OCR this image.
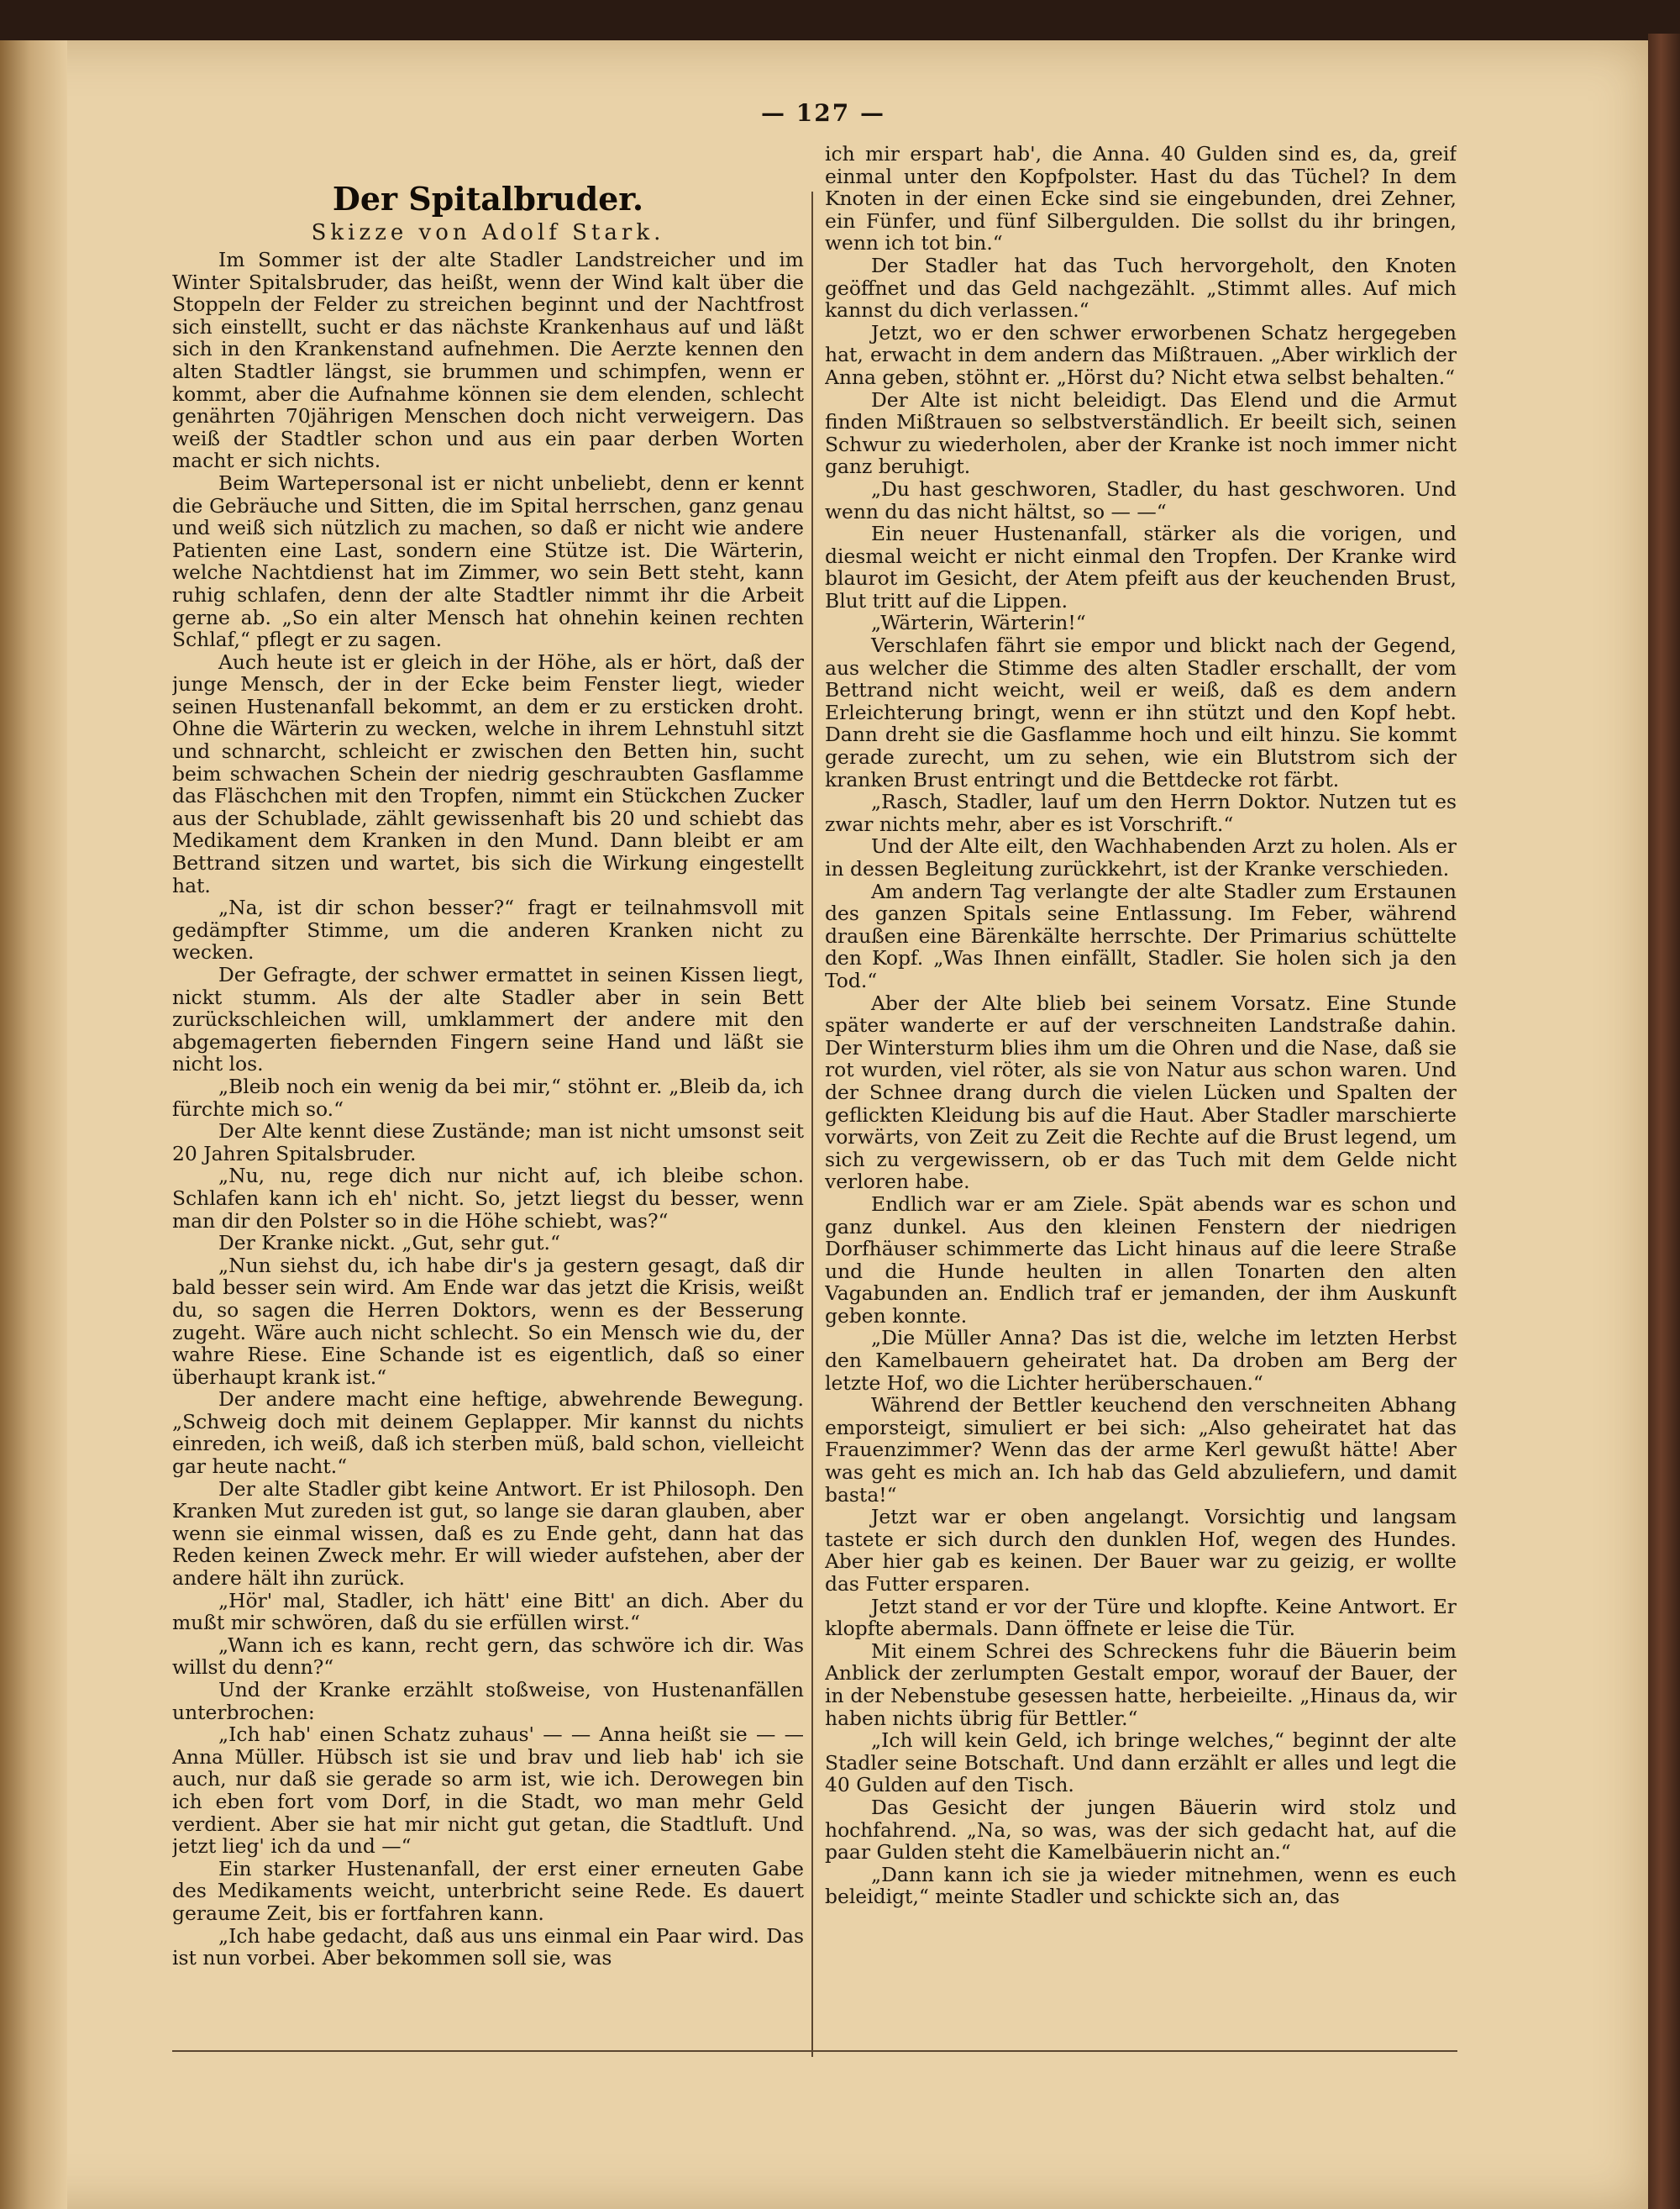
— 127 —
Der Spitalbruder.
Skizze von Adolf Stark.

Im Sommer ist der alte Stadler Landstreicher und im Winter Spitalsbruder, das heißt, wenn der Wind kalt über die Stoppeln der Felder zu streichen beginnt und der Nachtfrost sich einstellt, sucht er das nächste Krankenhaus auf und läßt sich in den Krankenstand aufnehmen. Die Aerzte kennen den alten Stadtler längst, sie brummen und schimpfen, wenn er kommt, aber die Aufnahme können sie dem elenden, schlecht genährten 70jährigen Menschen doch nicht verweigern. Das weiß der Stadtler schon und aus ein paar derben Worten macht er sich nichts.

Beim Wartepersonal ist er nicht unbeliebt, denn er kennt die Gebräuche und Sitten, die im Spital herrschen, ganz genau und weiß sich nützlich zu machen, so daß er nicht wie andere Patienten eine Last, sondern eine Stütze ist. Die Wärterin, welche Nachtdienst hat im Zimmer, wo sein Bett steht, kann ruhig schlafen, denn der alte Stadtler nimmt ihr die Arbeit gerne ab. „So ein alter Mensch hat ohnehin keinen rechten Schlaf,“ pflegt er zu sagen.

Auch heute ist er gleich in der Höhe, als er hört, daß der junge Mensch, der in der Ecke beim Fenster liegt, wieder seinen Hustenanfall bekommt, an dem er zu ersticken droht. Ohne die Wärterin zu wecken, welche in ihrem Lehnstuhl sitzt und schnarcht, schleicht er zwischen den Betten hin, sucht beim schwachen Schein der niedrig geschraubten Gasflamme das Fläschchen mit den Tropfen, nimmt ein Stückchen Zucker aus der Schublade, zählt gewissenhaft bis 20 und schiebt das Medikament dem Kranken in den Mund. Dann bleibt er am Bettrand sitzen und wartet, bis sich die Wirkung eingestellt hat.

„Na, ist dir schon besser?“ fragt er teilnahmsvoll mit gedämpfter Stimme, um die anderen Kranken nicht zu wecken.

Der Gefragte, der schwer ermattet in seinen Kissen liegt, nickt stumm. Als der alte Stadler aber in sein Bett zurückschleichen will, umklammert der andere mit den abgemagerten fiebernden Fingern seine Hand und läßt sie nicht los.

„Bleib noch ein wenig da bei mir,“ stöhnt er. „Bleib da, ich fürchte mich so.“

Der Alte kennt diese Zustände; man ist nicht umsonst seit 20 Jahren Spitalsbruder.

„Nu, nu, rege dich nur nicht auf, ich bleibe schon. Schlafen kann ich eh' nicht. So, jetzt liegst du besser, wenn man dir den Polster so in die Höhe schiebt, was?“

Der Kranke nickt. „Gut, sehr gut.“

„Nun siehst du, ich habe dir's ja gestern gesagt, daß dir bald besser sein wird. Am Ende war das jetzt die Krisis, weißt du, so sagen die Herren Doktors, wenn es der Besserung zugeht. Wäre auch nicht schlecht. So ein Mensch wie du, der wahre Riese. Eine Schande ist es eigentlich, daß so einer überhaupt krank ist.“

Der andere macht eine heftige, abwehrende Bewegung. „Schweig doch mit deinem Geplapper. Mir kannst du nichts einreden, ich weiß, daß ich sterben müß, bald schon, vielleicht gar heute nacht.“

Der alte Stadler gibt keine Antwort. Er ist Philosoph. Den Kranken Mut zureden ist gut, so lange sie daran glauben, aber wenn sie einmal wissen, daß es zu Ende geht, dann hat das Reden keinen Zweck mehr. Er will wieder aufstehen, aber der andere hält ihn zurück.

„Hör' mal, Stadler, ich hätt' eine Bitt' an dich. Aber du mußt mir schwören, daß du sie erfüllen wirst.“

„Wann ich es kann, recht gern, das schwöre ich dir. Was willst du denn?“

Und der Kranke erzählt stoßweise, von Hustenanfällen unterbrochen:

„Ich hab' einen Schatz zuhaus' — — Anna heißt sie — — Anna Müller. Hübsch ist sie und brav und lieb hab' ich sie auch, nur daß sie gerade so arm ist, wie ich. Derowegen bin ich eben fort vom Dorf, in die Stadt, wo man mehr Geld verdient. Aber sie hat mir nicht gut getan, die Stadtluft. Und jetzt lieg' ich da und —“

Ein starker Hustenanfall, der erst einer erneuten Gabe des Medikaments weicht, unterbricht seine Rede. Es dauert geraume Zeit, bis er fortfahren kann.

„Ich habe gedacht, daß aus uns einmal ein Paar wird. Das ist nun vorbei. Aber bekommen soll sie, was

ich mir erspart hab', die Anna. 40 Gulden sind es, da, greif einmal unter den Kopfpolster. Hast du das Tüchel? In dem Knoten in der einen Ecke sind sie eingebunden, drei Zehner, ein Fünfer, und fünf Silbergulden. Die sollst du ihr bringen, wenn ich tot bin.“

Der Stadler hat das Tuch hervorgeholt, den Knoten geöffnet und das Geld nachgezählt. „Stimmt alles. Auf mich kannst du dich verlassen.“

Jetzt, wo er den schwer erworbenen Schatz hergegeben hat, erwacht in dem andern das Mißtrauen. „Aber wirklich der Anna geben, stöhnt er. „Hörst du? Nicht etwa selbst behalten.“

Der Alte ist nicht beleidigt. Das Elend und die Armut finden Mißtrauen so selbstverständlich. Er beeilt sich, seinen Schwur zu wiederholen, aber der Kranke ist noch immer nicht ganz beruhigt.

„Du hast geschworen, Stadler, du hast geschworen. Und wenn du das nicht hältst, so — —“

Ein neuer Hustenanfall, stärker als die vorigen, und diesmal weicht er nicht einmal den Tropfen. Der Kranke wird blaurot im Gesicht, der Atem pfeift aus der keuchenden Brust, Blut tritt auf die Lippen.

„Wärterin, Wärterin!“

Verschlafen fährt sie empor und blickt nach der Gegend, aus welcher die Stimme des alten Stadler erschallt, der vom Bettrand nicht weicht, weil er weiß, daß es dem andern Erleichterung bringt, wenn er ihn stützt und den Kopf hebt. Dann dreht sie die Gasflamme hoch und eilt hinzu. Sie kommt gerade zurecht, um zu sehen, wie ein Blutstrom sich der kranken Brust entringt und die Bettdecke rot färbt.

„Rasch, Stadler, lauf um den Herrn Doktor. Nutzen tut es zwar nichts mehr, aber es ist Vorschrift.“

Und der Alte eilt, den Wachhabenden Arzt zu holen. Als er in dessen Begleitung zurückkehrt, ist der Kranke verschieden.

Am andern Tag verlangte der alte Stadler zum Erstaunen des ganzen Spitals seine Entlassung. Im Feber, während draußen eine Bärenkälte herrschte. Der Primarius schüttelte den Kopf. „Was Ihnen einfällt, Stadler. Sie holen sich ja den Tod.“

Aber der Alte blieb bei seinem Vorsatz. Eine Stunde später wanderte er auf der verschneiten Landstraße dahin. Der Wintersturm blies ihm um die Ohren und die Nase, daß sie rot wurden, viel röter, als sie von Natur aus schon waren. Und der Schnee drang durch die vielen Lücken und Spalten der geflickten Kleidung bis auf die Haut. Aber Stadler marschierte vorwärts, von Zeit zu Zeit die Rechte auf die Brust legend, um sich zu vergewissern, ob er das Tuch mit dem Gelde nicht verloren habe.

Endlich war er am Ziele. Spät abends war es schon und ganz dunkel. Aus den kleinen Fenstern der niedrigen Dorfhäuser schimmerte das Licht hinaus auf die leere Straße und die Hunde heulten in allen Tonarten den alten Vagabunden an. Endlich traf er jemanden, der ihm Auskunft geben konnte.

„Die Müller Anna? Das ist die, welche im letzten Herbst den Kamelbauern geheiratet hat. Da droben am Berg der letzte Hof, wo die Lichter herüberschauen.“

Während der Bettler keuchend den verschneiten Abhang emporsteigt, simuliert er bei sich: „Also geheiratet hat das Frauenzimmer? Wenn das der arme Kerl gewußt hätte! Aber was geht es mich an. Ich hab das Geld abzuliefern, und damit basta!“

Jetzt war er oben angelangt. Vorsichtig und langsam tastete er sich durch den dunklen Hof, wegen des Hundes. Aber hier gab es keinen. Der Bauer war zu geizig, er wollte das Futter ersparen.

Jetzt stand er vor der Türe und klopfte. Keine Antwort. Er klopfte abermals. Dann öffnete er leise die Tür.

Mit einem Schrei des Schreckens fuhr die Bäuerin beim Anblick der zerlumpten Gestalt empor, worauf der Bauer, der in der Nebenstube gesessen hatte, herbeieilte. „Hinaus da, wir haben nichts übrig für Bettler.“

„Ich will kein Geld, ich bringe welches,“ beginnt der alte Stadler seine Botschaft. Und dann erzählt er alles und legt die 40 Gulden auf den Tisch.

Das Gesicht der jungen Bäuerin wird stolz und hochfahrend. „Na, so was, was der sich gedacht hat, auf die paar Gulden steht die Kamelbäuerin nicht an.“

„Dann kann ich sie ja wieder mitnehmen, wenn es euch beleidigt,“ meinte Stadler und schickte sich an, das
